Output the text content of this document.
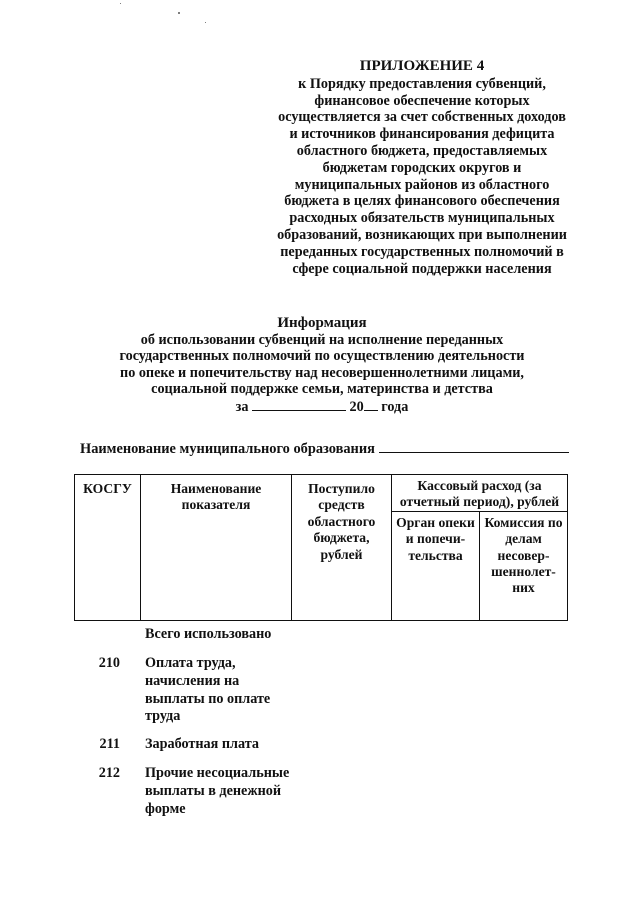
ПРИЛОЖЕНИЕ 4
к Порядку предоставления субвенций,
финансовое обеспечение которых
осуществляется за счет собственных доходов
и источников финансирования дефицита
областного бюджета, предоставляемых
бюджетам городских округов и
муниципальных районов из областного
бюджета в целях финансового обеспечения
расходных обязательств муниципальных
образований, возникающих при выполнении
переданных государственных полномочий в
сфере социальной поддержки населения
Информация
об использовании субвенций на исполнение переданных
государственных полномочий по осуществлению деятельности
по опеке и попечительству над несовершеннолетними лицами,
социальной поддержке семьи, материнства и детства
за	20 года
Наименование муниципального образования
КОСГУ	Наименование показателя	Поступило средств областного бюджета, рублей	Кассовый расход (за отчетный период), рублей	
			Орган опеки и попечи-тельства	Комиссия по делам несовер-шеннолет-них
Всего использовано
210 Оплата труда, начисления на выплаты по оплате труда
211 Заработная плата
212 Прочие несоциальные выплаты в денежной форме
